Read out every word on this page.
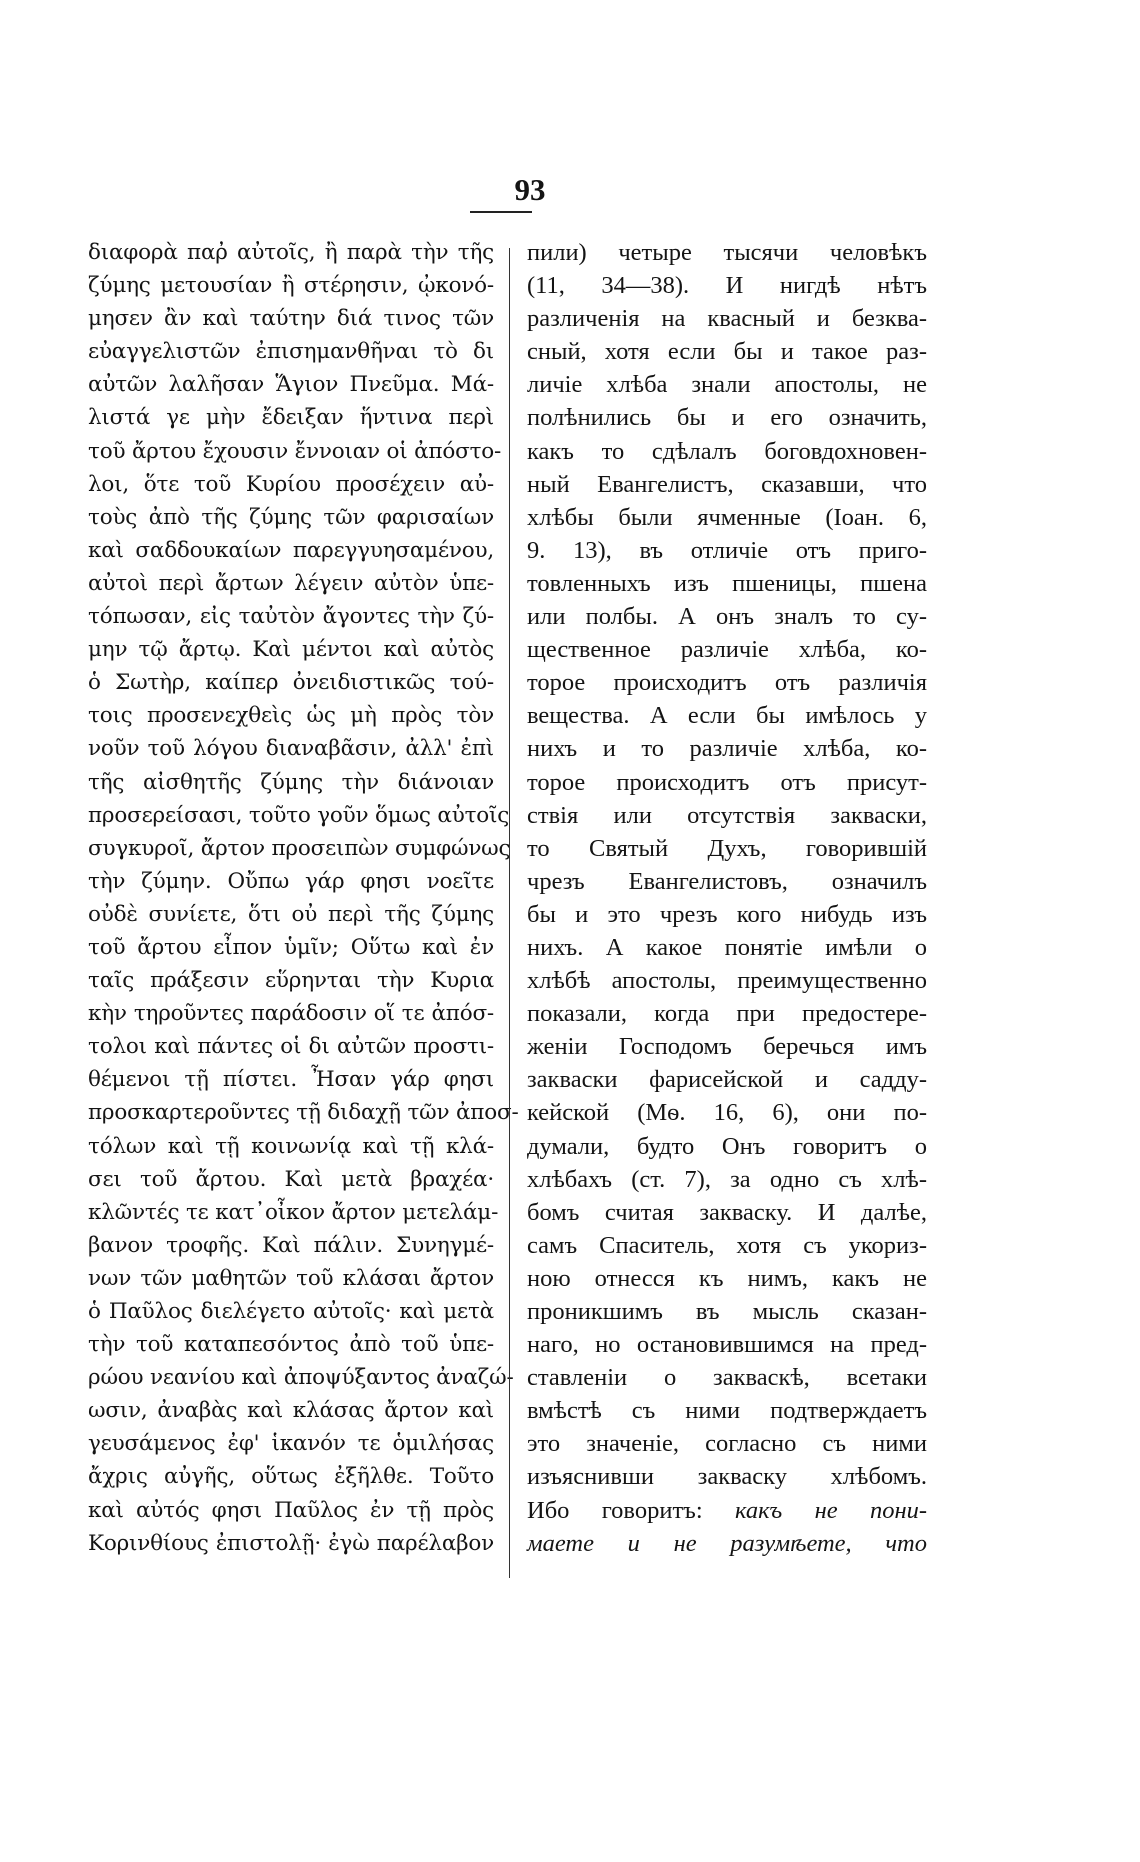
93
διαφορὰ παῤ αὐτοῖς, ἢ παρὰ τὴν τῆς
ζύμης μετουσίαν ἢ στέρησιν, ᾠκονό-
μησεν ἂν καὶ ταύτην διά τινος τῶν
εὐαγγελιστῶν ἐπισημανθῆναι τὸ δι
αὐτῶν λαλῆσαν Ἅγιον Πνεῦμα. Μά-
λιστά γε μὴν ἔδειξαν ἥντινα περὶ
τοῦ ἄρτου ἔχουσιν ἔννοιαν οἱ ἀπόστο-
λοι, ὅτε τοῦ Κυρίου προσέχειν αὐ-
τοὺς ἀπὸ τῆς ζύμης τῶν φαρισαίων
καὶ σαδδουκαίων παρεγγυησαμένου,
αὐτοὶ περὶ ἄρτων λέγειν αὐτὸν ὑπε-
τόπωσαν, εἰς ταὐτὸν ἄγοντες τὴν ζύ-
μην τῷ ἄρτῳ. Καὶ μέντοι καὶ αὐτὸς
ὁ Σωτὴρ, καίπερ ὀνειδιστικῶς τού-
τοις προσενεχθεὶς ὡς μὴ πρὸς τὸν
νοῦν τοῦ λόγου διαναβᾶσιν, ἀλλ' ἐπὶ
τῆς αἰσθητῆς ζύμης τὴν διάνοιαν
προσερείσασι, τοῦτο γοῦν ὅμως αὐτοῖς
συγκυροῖ, ἄρτον προσειπὼν συμφώνως
τὴν ζύμην. Οὔπω γάρ φησι νοεῖτε
οὐδὲ συνίετε, ὅτι οὐ περὶ τῆς ζύμης
τοῦ ἄρτου εἶπον ὑμῖν; Οὕτω καὶ ἐν
ταῖς πράξεσιν εὕρηνται τὴν Κυρια
κὴν τηροῦντες παράδοσιν οἵ τε ἀπόσ-
τολοι καὶ πάντες οἱ δι αὐτῶν προστι-
θέμενοι τῇ πίστει. Ἦσαν γάρ φησι
προσκαρτεροῦντες τῇ διδαχῇ τῶν ἀποσ-
τόλων καὶ τῇ κοινωνίᾳ καὶ τῇ κλά-
σει τοῦ ἄρτου. Καὶ μετὰ βραχέα·
κλῶντές τε κατ᾿οἶκον ἄρτον μετελάμ-
βανον τροφῆς. Καὶ πάλιν. Συνηγμέ-
νων τῶν μαθητῶν τοῦ κλάσαι ἄρτον
ὁ Παῦλος διελέγετο αὐτοῖς· καὶ μετὰ
τὴν τοῦ καταπεσόντος ἀπὸ τοῦ ὑπε-
ρώου νεανίου καὶ ἀποψύξαντος ἀναζώ-
ωσιν, ἀναβὰς καὶ κλάσας ἄρτον καὶ
γευσάμενος ἐφ' ἱκανόν τε ὁμιλήσας
ἄχρις αὐγῆς, οὕτως ἐξῆλθε. Τοῦτο
καὶ αὐτός φησι Παῦλος ἐν τῇ πρὸς
Κορινθίους ἐπιστολῇ· ἐγὼ παρέλαβον
пили) четыре тысячи человѣкъ
(11, 34—38). И нигдѣ нѣтъ
различенія на квасный и безква-
сный, хотя если бы и такое раз-
личіе хлѣба знали апостолы, не
полѣнились бы и его означить,
какъ то сдѣлалъ боговдохновен-
ный Евангелистъ, сказавши, что
хлѣбы были ячменные (Іоан. 6,
9. 13), въ отличіе отъ приго-
товленныхъ изъ пшеницы, пшена
или полбы. А онъ зналъ то су-
щественное различіе хлѣба, ко-
торое происходитъ отъ различія
вещества. А если бы имѣлось у
нихъ и то различіе хлѣба, ко-
торое происходитъ отъ присут-
ствія или отсутствія закваски,
то Святый Духъ, говорившій
чрезъ Евангелистовъ, означилъ
бы и это чрезъ кого нибудь изъ
нихъ. А какое понятіе имѣли о
хлѣбѣ апостолы, преимущественно
показали, когда при предостере-
женіи Господомъ беречься имъ
закваски фарисейской и садду-
кейской (Мѳ. 16, 6), они по-
думали, будто Онъ говоритъ о
хлѣбахъ (ст. 7), за одно съ хлѣ-
бомъ считая закваску. И далѣе,
самъ Спаситель, хотя съ укориз-
ною отнесся къ нимъ, какъ не
проникшимъ въ мысль сказан-
наго, но остановившимся на пред-
ставленіи о закваскѣ, всетаки
вмѣстѣ съ ними подтверждаетъ
это значеніе, согласно съ ними
изъяснивши закваску хлѣбомъ.
Ибо говоритъ: какъ не пони-
маете и не разумѣете, что
